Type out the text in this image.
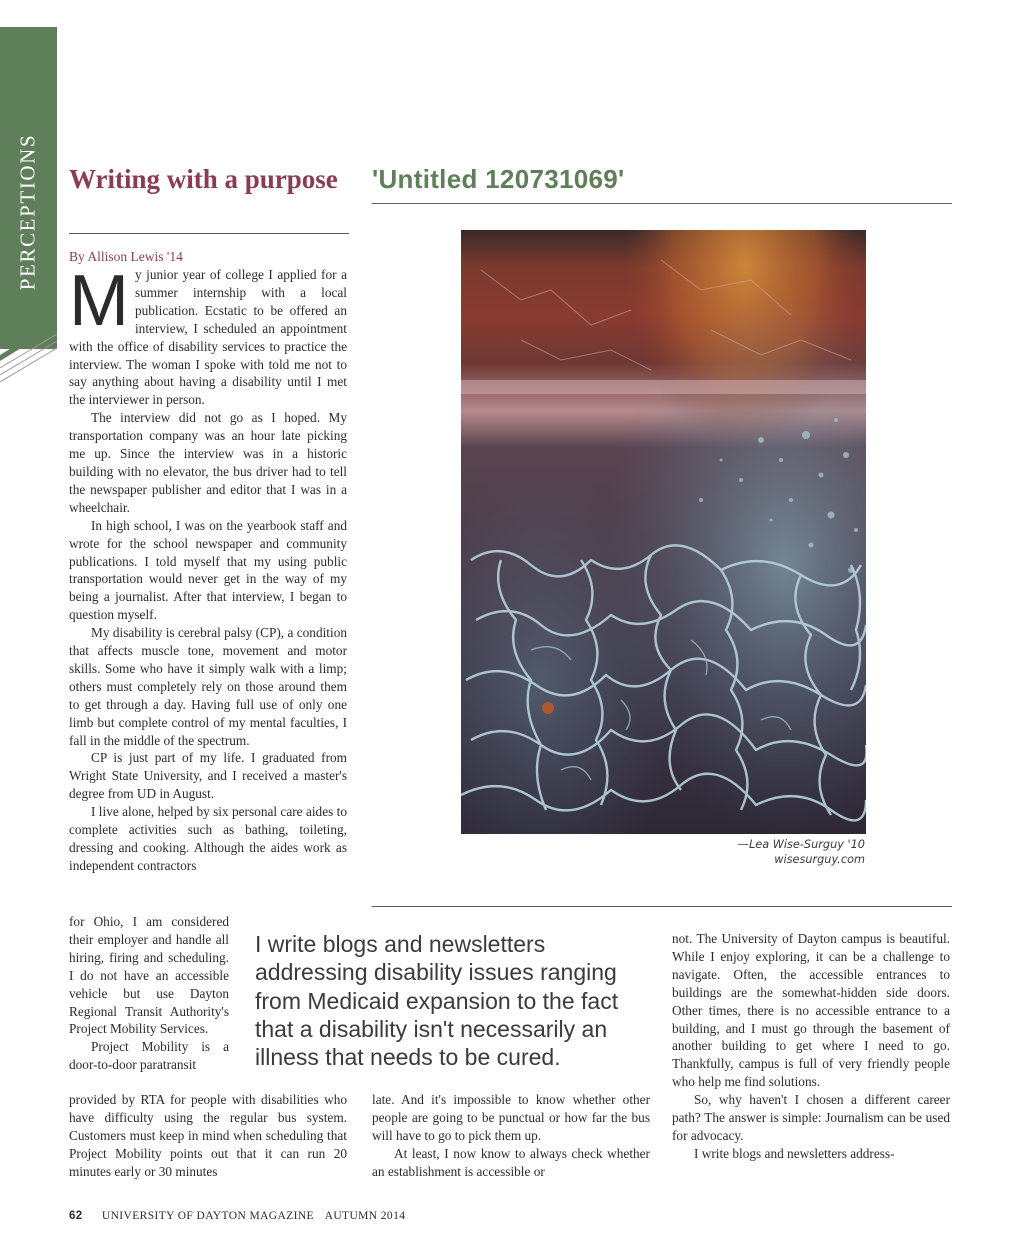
PERCEPTIONS Writing with a purpose	'Untitled 120731069'
By Allison Lewis '14

My junior year of college I applied for a summer internship with a local publication. Ecstatic to be offered an interview, I scheduled an appointment with the office of disability services to practice the interview. The woman I spoke with told me not to say anything about having a disability until I met the interviewer in person.

The interview did not go as I hoped. My transportation company was an hour late picking me up. Since the interview was in a historic building with no elevator, the bus driver had to tell the newspaper publisher and editor that I was in a wheelchair.

In high school, I was on the yearbook staff and wrote for the school newspaper and community publications. I told myself that my using public transportation would never get in the way of my being a journalist. After that interview, I began to question myself.

My disability is cerebral palsy (CP), a condition that affects muscle tone, movement and motor skills. Some who have it simply walk with a limp; others must completely rely on those around them to get through a day. Having full use of only one limb but complete control of my mental faculties, I fall in the middle of the spectrum.

CP is just part of my life. I graduated from Wright State University, and I received a master's degree from UD in August.

I live alone, helped by six personal care aides to complete activities such as bathing, toileting, dressing and cooking. Although the aides work as independent contractors

for Ohio, I am considered their employer and handle all hiring, firing and scheduling. I do not have an accessible vehicle but use Dayton Regional Transit Authority's Project Mobility Services.

Project Mobility is a door-to-door paratransit

provided by RTA for people with disabilities who have difficulty using the regular bus system. Customers must keep in mind when scheduling that Project Mobility points out that it can run 20 minutes early or 30 minutes

I write blogs and newsletters addressing disability issues ranging from Medicaid expansion to the fact that a disability isn't necessarily an illness that needs to be cured.

late. And it's impossible to know whether other people are going to be punctual or how far the bus will have to go to pick them up.

At least, I now know to always check whether an establishment is accessible or

not. The University of Dayton campus is beautiful. While I enjoy exploring, it can be a challenge to navigate. Often, the accessible entrances to buildings are the somewhat-hidden side doors. Other times, there is no accessible entrance to a building, and I must go through the basement of another building to get where I need to go. Thankfully, campus is full of very friendly people who help me find solutions.

So, why haven't I chosen a different career path? The answer is simple: Journalism can be used for advocacy.

I write blogs and newsletters address-

—Lea Wise-Surguy '10
wisesurguy.com
62 UNIVERSITY OF DAYTON MAGAZINE AUTUMN 2014
